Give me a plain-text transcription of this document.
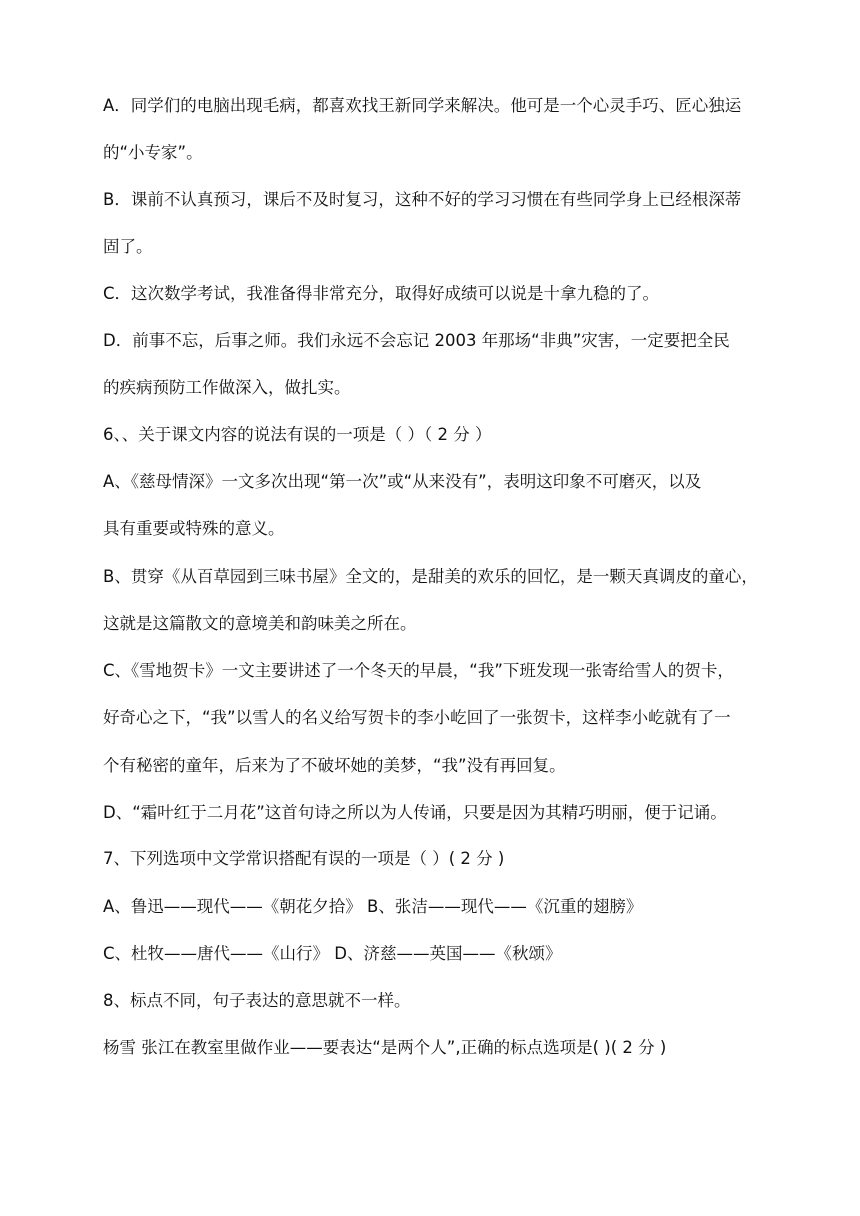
A．同学们的电脑出现毛病，都喜欢找王新同学来解决。他可是一个心灵手巧、匠心独运
的“小专家”。
B．课前不认真预习，课后不及时复习，这种不好的学习习惯在有些同学身上已经根深蒂
固了。
C．这次数学考试，我准备得非常充分，取得好成绩可以说是十拿九稳的了。
D．前事不忘，后事之师。我们永远不会忘记 2003 年那场“非典”灾害，一定要把全民
的疾病预防工作做深入，做扎实。
6、、关于课文内容的说法有误的一项是（ ）（ 2 分 ）
A、《慈母情深》一文多次出现“第一次”或“从来没有”，表明这印象不可磨灭，以及
具有重要或特殊的意义。
B、贯穿《从百草园到三味书屋》全文的，是甜美的欢乐的回忆，是一颗天真调皮的童心，
这就是这篇散文的意境美和韵味美之所在。
C、《雪地贺卡》一文主要讲述了一个冬天的早晨，“我”下班发现一张寄给雪人的贺卡，
好奇心之下，“我”以雪人的名义给写贺卡的李小屹回了一张贺卡，这样李小屹就有了一
个有秘密的童年，后来为了不破坏她的美梦，“我”没有再回复。
D、“霜叶红于二月花”这首句诗之所以为人传诵，只要是因为其精巧明丽，便于记诵。
7、下列选项中文学常识搭配有误的一项是（ ）( 2 分 )
A、鲁迅——现代——《朝花夕拾》 B、张洁——现代——《沉重的翅膀》
C、杜牧——唐代——《山行》 D、济慈——英国——《秋颂》
8、标点不同，句子表达的意思就不一样。
杨雪 张江在教室里做作业——要表达“是两个人”,正确的标点选项是( )( 2 分 )
